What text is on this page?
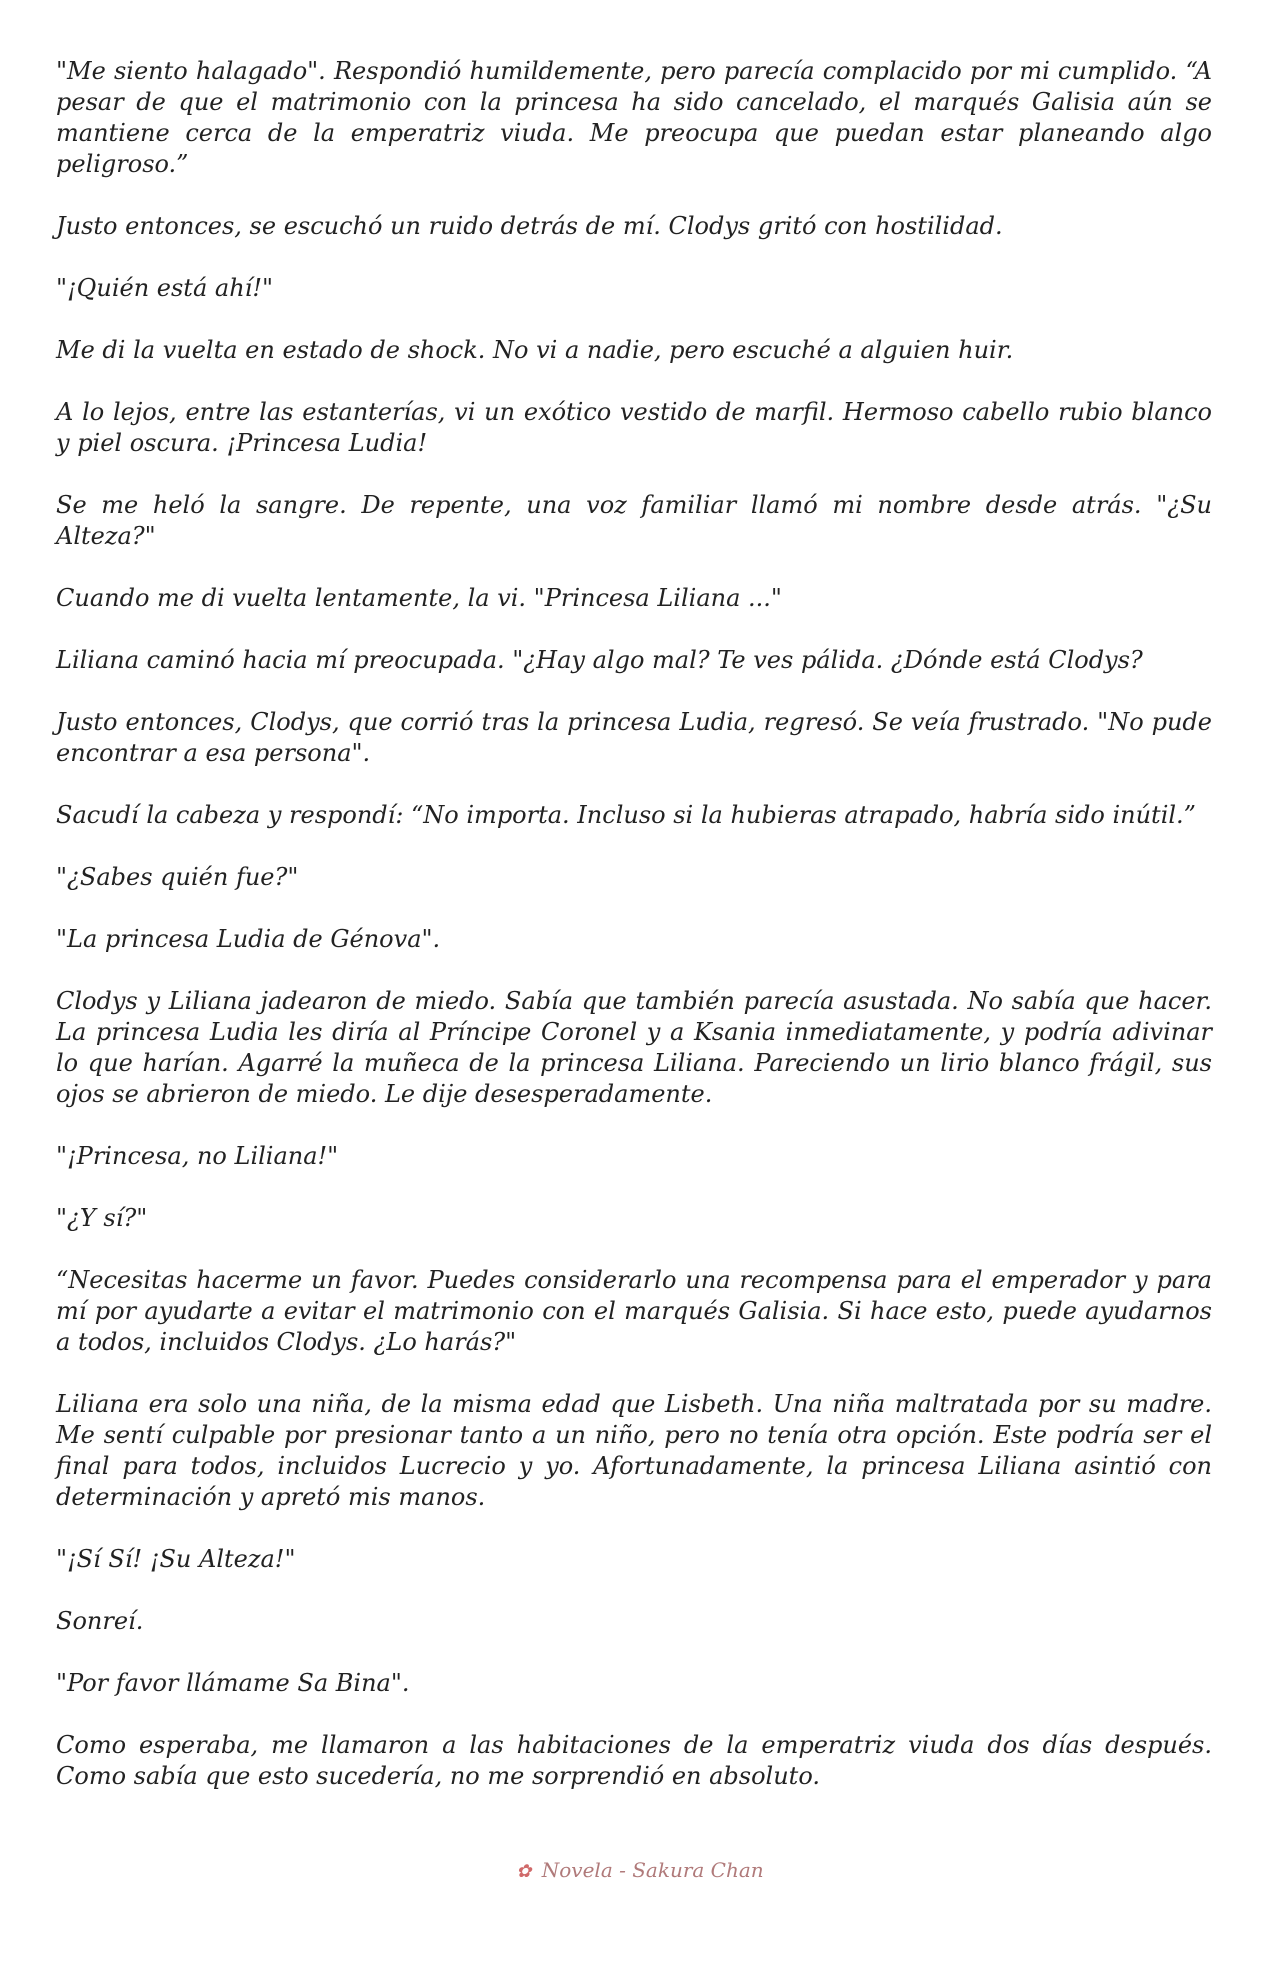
"Me siento halagado". Respondió humildemente, pero parecía complacido por mi cumplido. “A pesar de que el matrimonio con la princesa ha sido cancelado, el marqués Galisia aún se mantiene cerca de la emperatriz viuda. Me preocupa que puedan estar planeando algo peligroso.”

Justo entonces, se escuchó un ruido detrás de mí. Clodys gritó con hostilidad.

"¡Quién está ahí!"

Me di la vuelta en estado de shock. No vi a nadie, pero escuché a alguien huir.

A lo lejos, entre las estanterías, vi un exótico vestido de marfil. Hermoso cabello rubio blanco y piel oscura. ¡Princesa Ludia!

Se me heló la sangre. De repente, una voz familiar llamó mi nombre desde atrás. "¿Su Alteza?"

Cuando me di vuelta lentamente, la vi. "Princesa Liliana ..."

Liliana caminó hacia mí preocupada. "¿Hay algo mal? Te ves pálida. ¿Dónde está Clodys?

Justo entonces, Clodys, que corrió tras la princesa Ludia, regresó. Se veía frustrado. "No pude encontrar a esa persona".

Sacudí la cabeza y respondí: “No importa. Incluso si la hubieras atrapado, habría sido inútil.”

"¿Sabes quién fue?"

"La princesa Ludia de Génova".

Clodys y Liliana jadearon de miedo. Sabía que también parecía asustada. No sabía que hacer. La princesa Ludia les diría al Príncipe Coronel y a Ksania inmediatamente, y podría adivinar lo que harían. Agarré la muñeca de la princesa Liliana. Pareciendo un lirio blanco frágil, sus ojos se abrieron de miedo. Le dije desesperadamente.

"¡Princesa, no Liliana!"

"¿Y sí?"

“Necesitas hacerme un favor. Puedes considerarlo una recompensa para el emperador y para mí por ayudarte a evitar el matrimonio con el marqués Galisia. Si hace esto, puede ayudarnos a todos, incluidos Clodys. ¿Lo harás?"

Liliana era solo una niña, de la misma edad que Lisbeth. Una niña maltratada por su madre. Me sentí culpable por presionar tanto a un niño, pero no tenía otra opción. Este podría ser el final para todos, incluidos Lucrecio y yo. Afortunadamente, la princesa Liliana asintió con determinación y apretó mis manos.

"¡Sí Sí! ¡Su Alteza!"

Sonreí.

"Por favor llámame Sa Bina".

Como esperaba, me llamaron a las habitaciones de la emperatriz viuda dos días después. Como sabía que esto sucedería, no me sorprendió en absoluto.

✿ Novela - Sakura Chan
